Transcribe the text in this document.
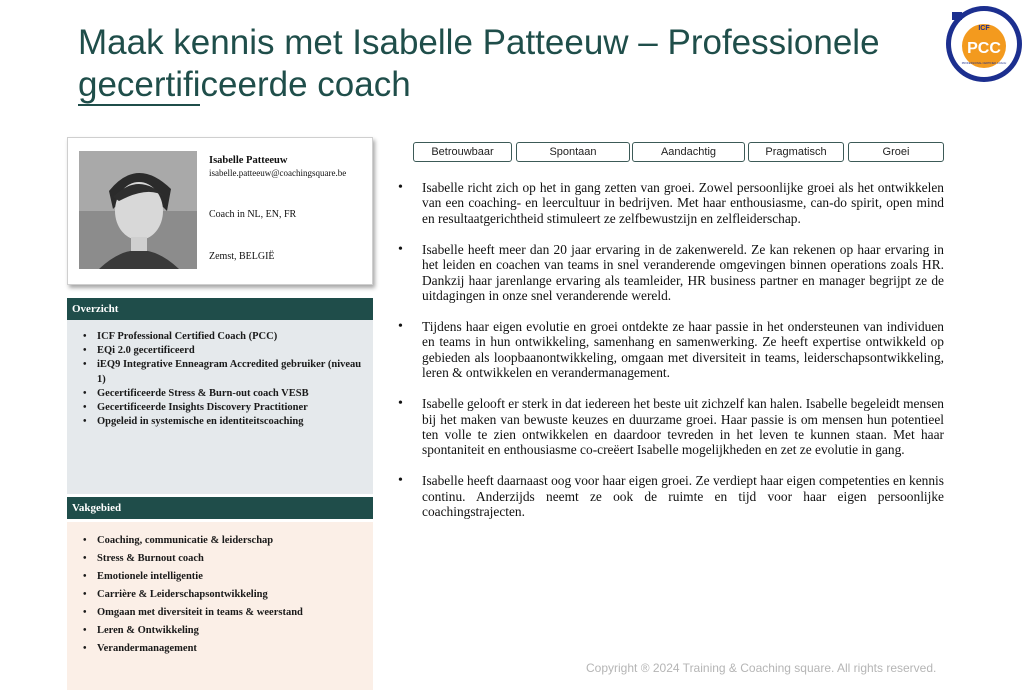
Maak kennis met Isabelle Patteeuw – Professionele gecertificeerde coach
ICF
PCC
PROFESSIONAL CERTIFIED COACH
Isabelle Patteeuw
isabelle.patteeuw@coachingsquare.be
Coach in NL, EN, FR
Zemst, BELGIË
Overzicht
• ICF Professional Certified Coach (PCC)
• EQi 2.0 gecertificeerd
• iEQ9 Integrative Enneagram Accredited gebruiker (niveau 1)
• Gecertificeerde Stress & Burn-out coach VESB
• Gecertificeerde Insights Discovery Practitioner
• Opgeleid in systemische en identiteitscoaching
Vakgebied
• Coaching, communicatie & leiderschap
• Stress & Burnout coach
• Emotionele intelligentie
• Carrière & Leiderschapsontwikkeling
• Omgaan met diversiteit in teams & weerstand
• Leren & Ontwikkeling
• Verandermanagement
Betrouwbaar	Spontaan	Aandachtig	Pragmatisch	Groei
• Isabelle richt zich op het in gang zetten van groei. Zowel persoonlijke groei als het ontwikkelen van een coaching- en leercultuur in bedrijven. Met haar enthousiasme, can-do spirit, open mind en resultaatgerichtheid stimuleert ze zelfbewustzijn en zelfleiderschap.
• Isabelle heeft meer dan 20 jaar ervaring in de zakenwereld. Ze kan rekenen op haar ervaring in het leiden en coachen van teams in snel veranderende omgevingen binnen operations zoals HR. Dankzij haar jarenlange ervaring als teamleider, HR business partner en manager begrijpt ze de uitdagingen in onze snel veranderende wereld.
• Tijdens haar eigen evolutie en groei ontdekte ze haar passie in het ondersteunen van individuen en teams in hun ontwikkeling, samenhang en samenwerking. Ze heeft expertise ontwikkeld op gebieden als loopbaanontwikkeling, omgaan met diversiteit in teams, leiderschapsontwikkeling, leren & ontwikkelen en verandermanagement.
• Isabelle gelooft er sterk in dat iedereen het beste uit zichzelf kan halen. Isabelle begeleidt mensen bij het maken van bewuste keuzes en duurzame groei. Haar passie is om mensen hun potentieel ten volle te zien ontwikkelen en daardoor tevreden in het leven te kunnen staan. Met haar spontaniteit en enthousiasme co-creëert Isabelle mogelijkheden en zet ze evolutie in gang.
• Isabelle heeft daarnaast oog voor haar eigen groei. Ze verdiept haar eigen competenties en kennis continu. Anderzijds neemt ze ook de ruimte en tijd voor haar eigen persoonlijke coachingstrajecten.
Copyright ® 2024 Training & Coaching square. All rights reserved.
